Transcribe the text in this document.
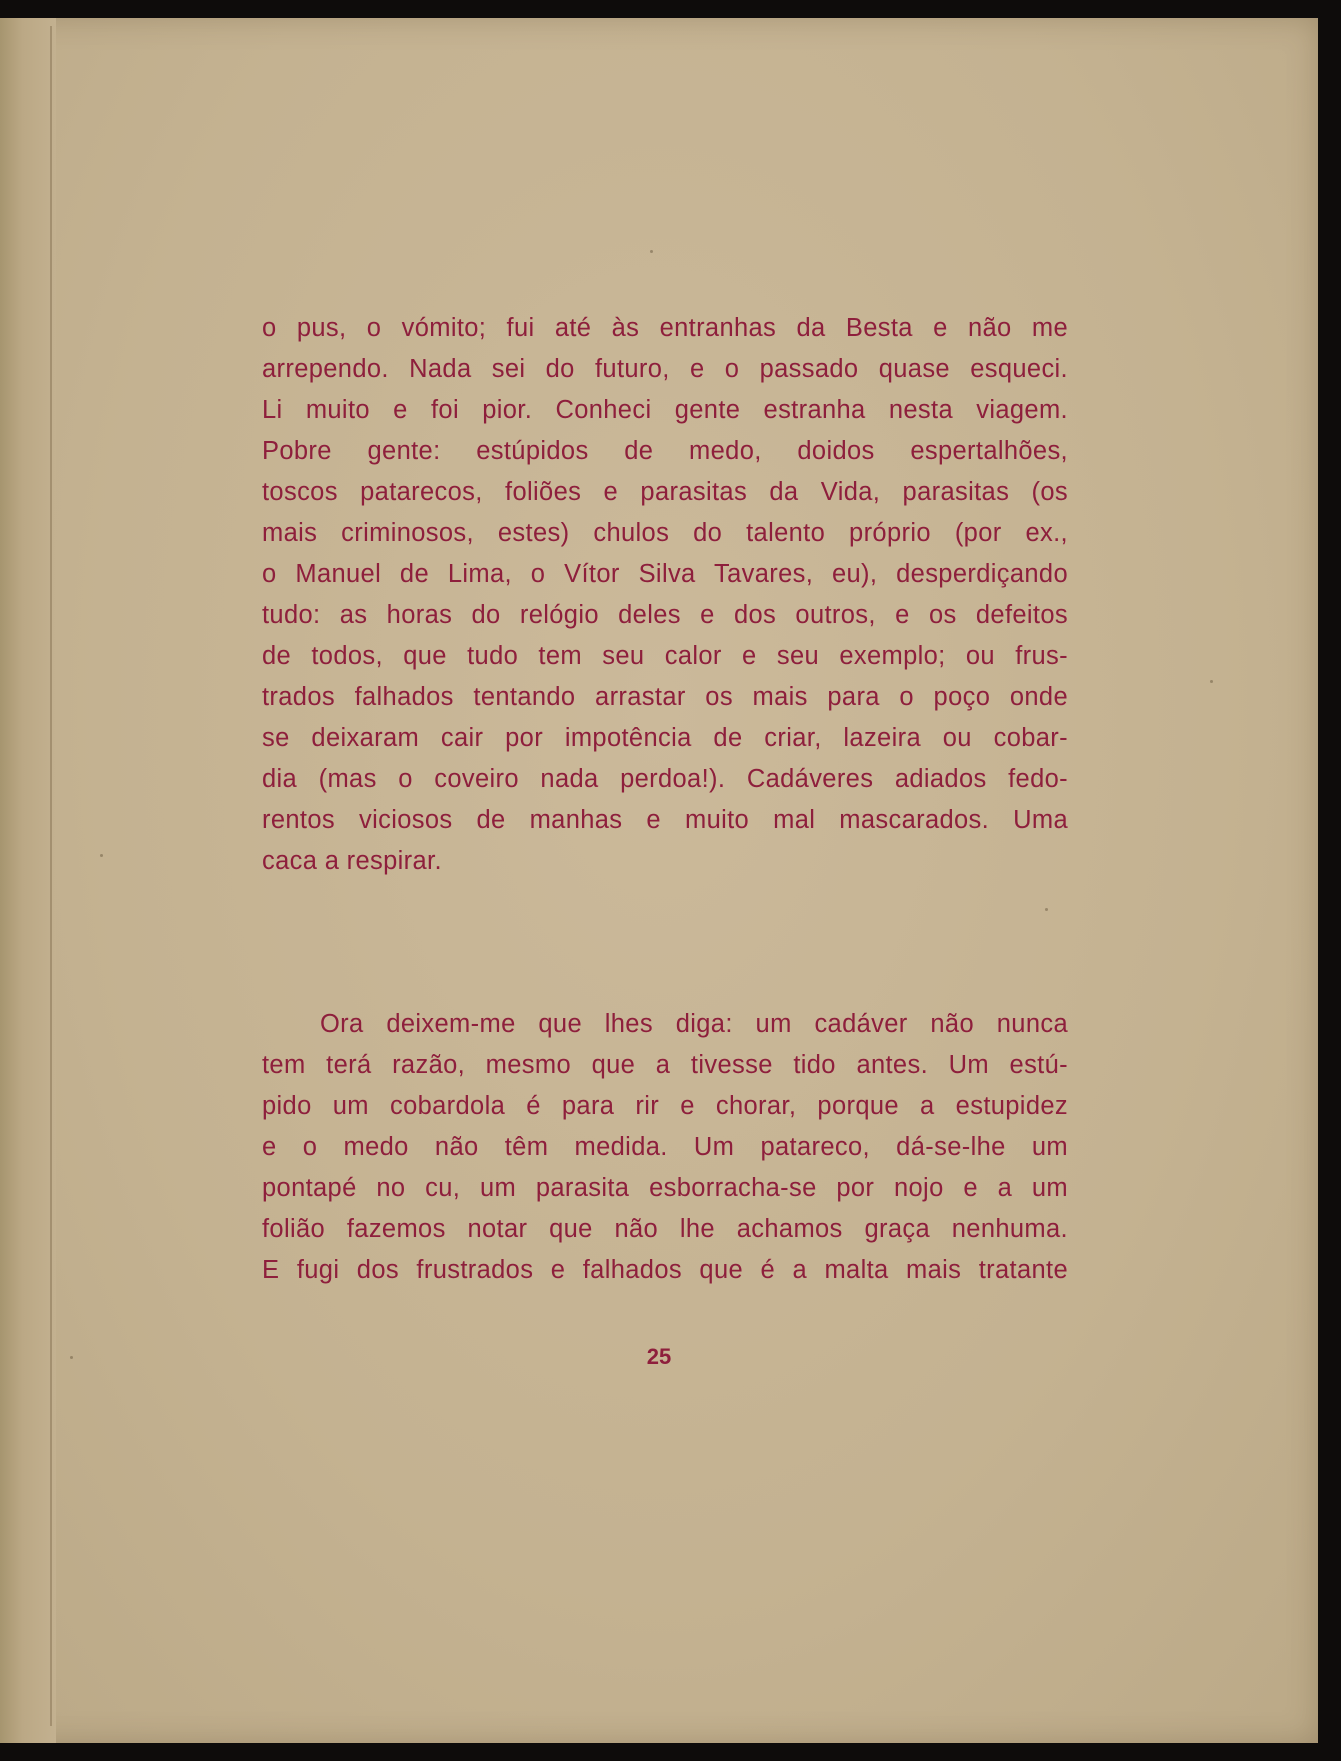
o pus, o vómito; fui até às entranhas da Besta e não me

arrependo. Nada sei do futuro, e o passado quase esqueci.

Li muito e foi pior. Conheci gente estranha nesta viagem.

Pobre gente: estúpidos de medo, doidos espertalhões,

toscos patarecos, foliões e parasitas da Vida, parasitas (os

mais criminosos, estes) chulos do talento próprio (por ex.,

o Manuel de Lima, o Vítor Silva Tavares, eu), desperdiçando

tudo: as horas do relógio deles e dos outros, e os defeitos

de todos, que tudo tem seu calor e seu exemplo; ou frus-

trados falhados tentando arrastar os mais para o poço onde

se deixaram cair por impotência de criar, lazeira ou cobar-

dia (mas o coveiro nada perdoa!). Cadáveres adiados fedo-

rentos viciosos de manhas e muito mal mascarados. Uma

caca a respirar.

Ora deixem-me que lhes diga: um cadáver não nunca

tem terá razão, mesmo que a tivesse tido antes. Um estú-

pido um cobardola é para rir e chorar, porque a estupidez

e o medo não têm medida. Um patareco, dá-se-lhe um

pontapé no cu, um parasita esborracha-se por nojo e a um

folião fazemos notar que não lhe achamos graça nenhuma.

E fugi dos frustrados e falhados que é a malta mais tratante

25
